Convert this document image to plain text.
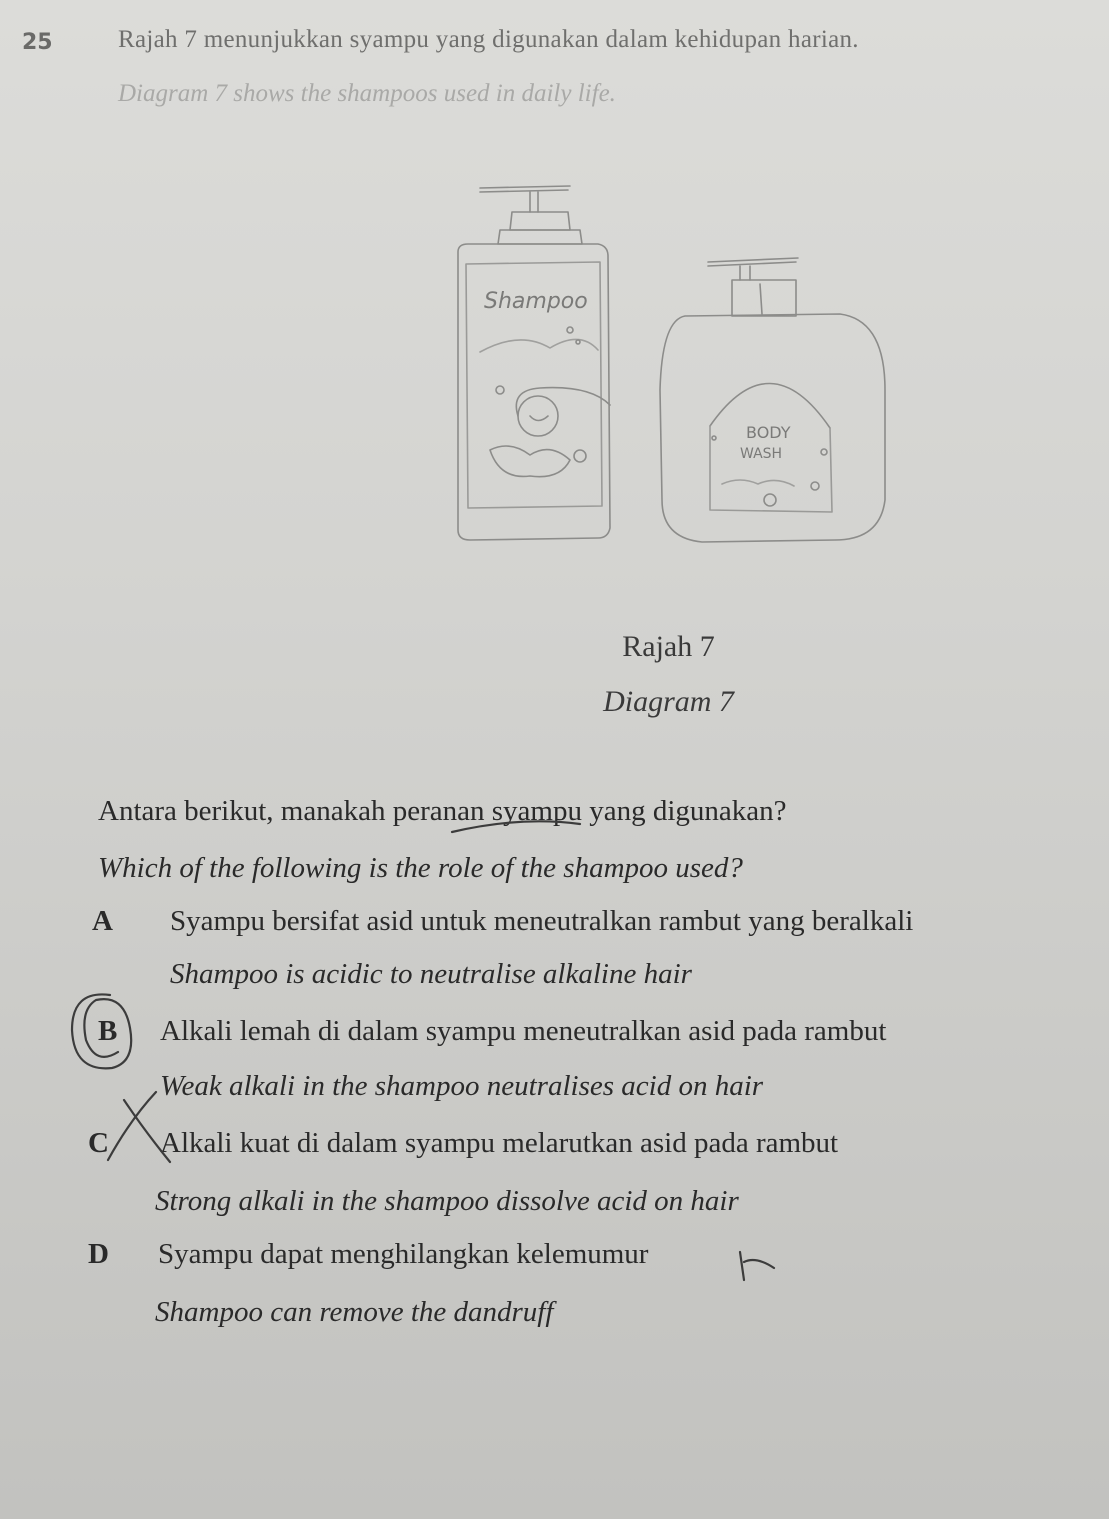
25	Rajah 7 menunjukkan syampu yang digunakan dalam kehidupan harian.
Diagram 7 shows the shampoos used in daily life.
Shampoo
BODY
WASH
Rajah 7
Diagram 7
Antara berikut, manakah peranan syampu yang digunakan?
Which of the following is the role of the shampoo used?
A Syampu bersifat asid untuk meneutralkan rambut yang beralkali
Shampoo is acidic to neutralise alkaline hair
B Alkali lemah di dalam syampu meneutralkan asid pada rambut
Weak alkali in the shampoo neutralises acid on hair
C Alkali kuat di dalam syampu melarutkan asid pada rambut
Strong alkali in the shampoo dissolve acid on hair
D Syampu dapat menghilangkan kelemumur
Shampoo can remove the dandruff
